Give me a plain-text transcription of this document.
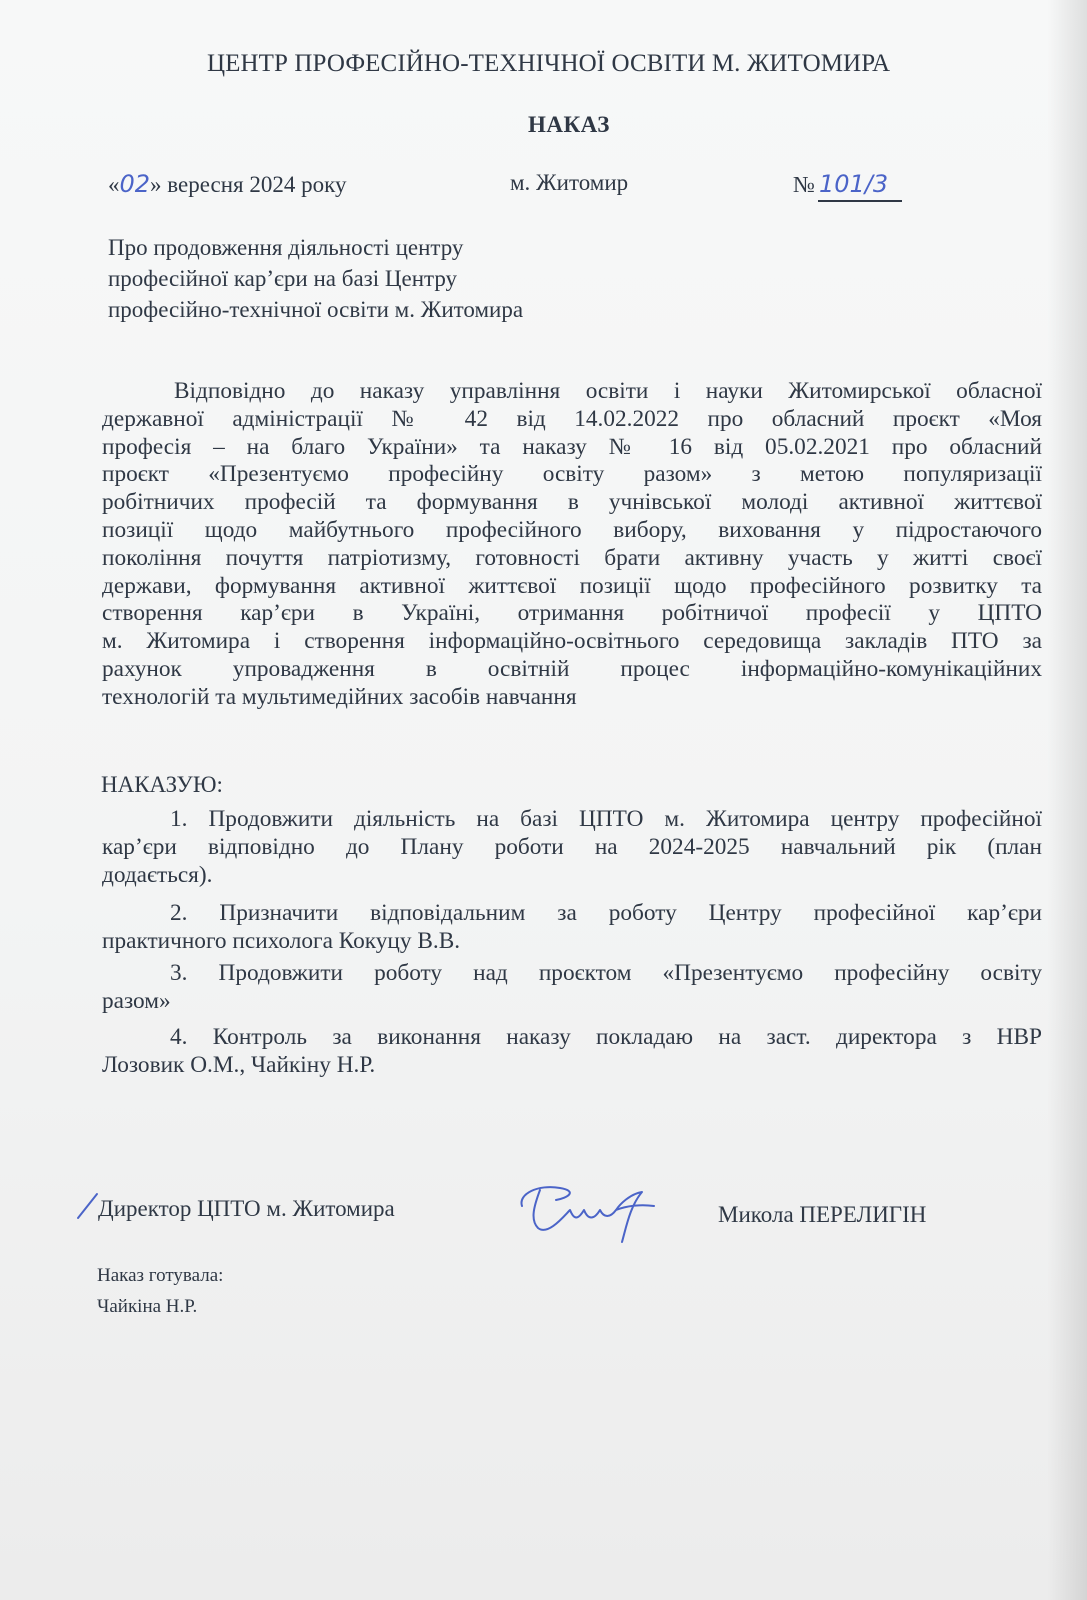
ЦЕНТР ПРОФЕСІЙНО-ТЕХНІЧНОЇ ОСВІТИ М. ЖИТОМИРА
НАКАЗ
«02» вересня 2024 року	м. Житомир	№ 101/3
Про продовження діяльності центру
професійної кар’єри на базі Центру
професійно-технічної освіти м. Житомира
Відповідно до наказу управління освіти і науки Житомирської обласної
державної адміністрації № 42 від 14.02.2022 про обласний проєкт «Моя
професія – на благо України» та наказу № 16 від 05.02.2021 про обласний
проєкт «Презентуємо професійну освіту разом» з метою популяризації
робітничих професій та формування в учнівської молоді активної життєвої
позиції щодо майбутнього професійного вибору, виховання у підростаючого
покоління почуття патріотизму, готовності брати активну участь у житті своєї
держави, формування активної життєвої позиції щодо професійного розвитку та
створення кар’єри в Україні, отримання робітничої професії у ЦПТО
м. Житомира і створення інформаційно-освітнього середовища закладів ПТО за
рахунок упровадження в освітній процес інформаційно-комунікаційних
технологій та мультимедійних засобів навчання
НАКАЗУЮ:
1. Продовжити діяльність на базі ЦПТО м. Житомира центру професійної
кар’єри відповідно до Плану роботи на 2024-2025 навчальний рік (план
додається).
2. Призначити відповідальним за роботу Центру професійної кар’єри
практичного психолога Кокуцу В.В.
3. Продовжити роботу над проєктом «Презентуємо професійну освіту
разом»
4. Контроль за виконання наказу покладаю на заст. директора з НВР
Лозовик О.М., Чайкіну Н.Р.
Директор ЦПТО м. Житомира	Микола ПЕРЕЛИГІН
Наказ готувала:
Чайкіна Н.Р.
